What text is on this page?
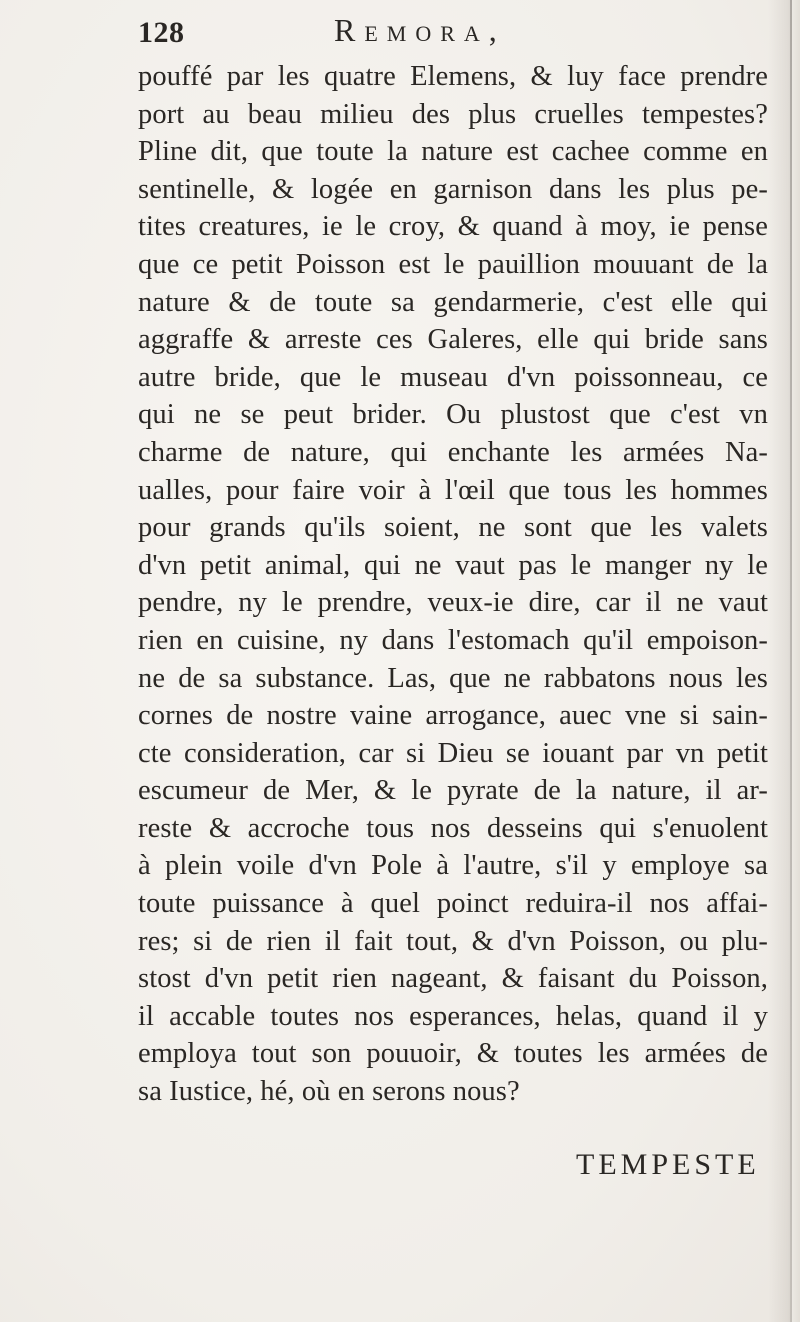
128	Remora,
pouffé par les quatre Elemens, & luy face prendre
port au beau milieu des plus cruelles tempestes?
Pline dit, que toute la nature est cachee comme en
sentinelle, & logée en garnison dans les plus pe-
tites creatures, ie le croy, & quand à moy, ie pense
que ce petit Poisson est le pauillion mouuant de la
nature & de toute sa gendarmerie, c'est elle qui
aggraffe & arreste ces Galeres, elle qui bride sans
autre bride, que le museau d'vn poissonneau, ce
qui ne se peut brider. Ou plustost que c'est vn
charme de nature, qui enchante les armées Na-
ualles, pour faire voir à l'œil que tous les hommes
pour grands qu'ils soient, ne sont que les valets
d'vn petit animal, qui ne vaut pas le manger ny le
pendre, ny le prendre, veux-ie dire, car il ne vaut
rien en cuisine, ny dans l'estomach qu'il empoison-
ne de sa substance. Las, que ne rabbatons nous les
cornes de nostre vaine arrogance, auec vne si sain-
cte consideration, car si Dieu se iouant par vn petit
escumeur de Mer, & le pyrate de la nature, il ar-
reste & accroche tous nos desseins qui s'enuolent
à plein voile d'vn Pole à l'autre, s'il y employe sa
toute puissance à quel poinct reduira-il nos affai-
res; si de rien il fait tout, & d'vn Poisson, ou plu-
stost d'vn petit rien nageant, & faisant du Poisson,
il accable toutes nos esperances, helas, quand il y
employa tout son pouuoir, & toutes les armées de
sa Iustice, hé, où en serons nous?
TEMPESTE
